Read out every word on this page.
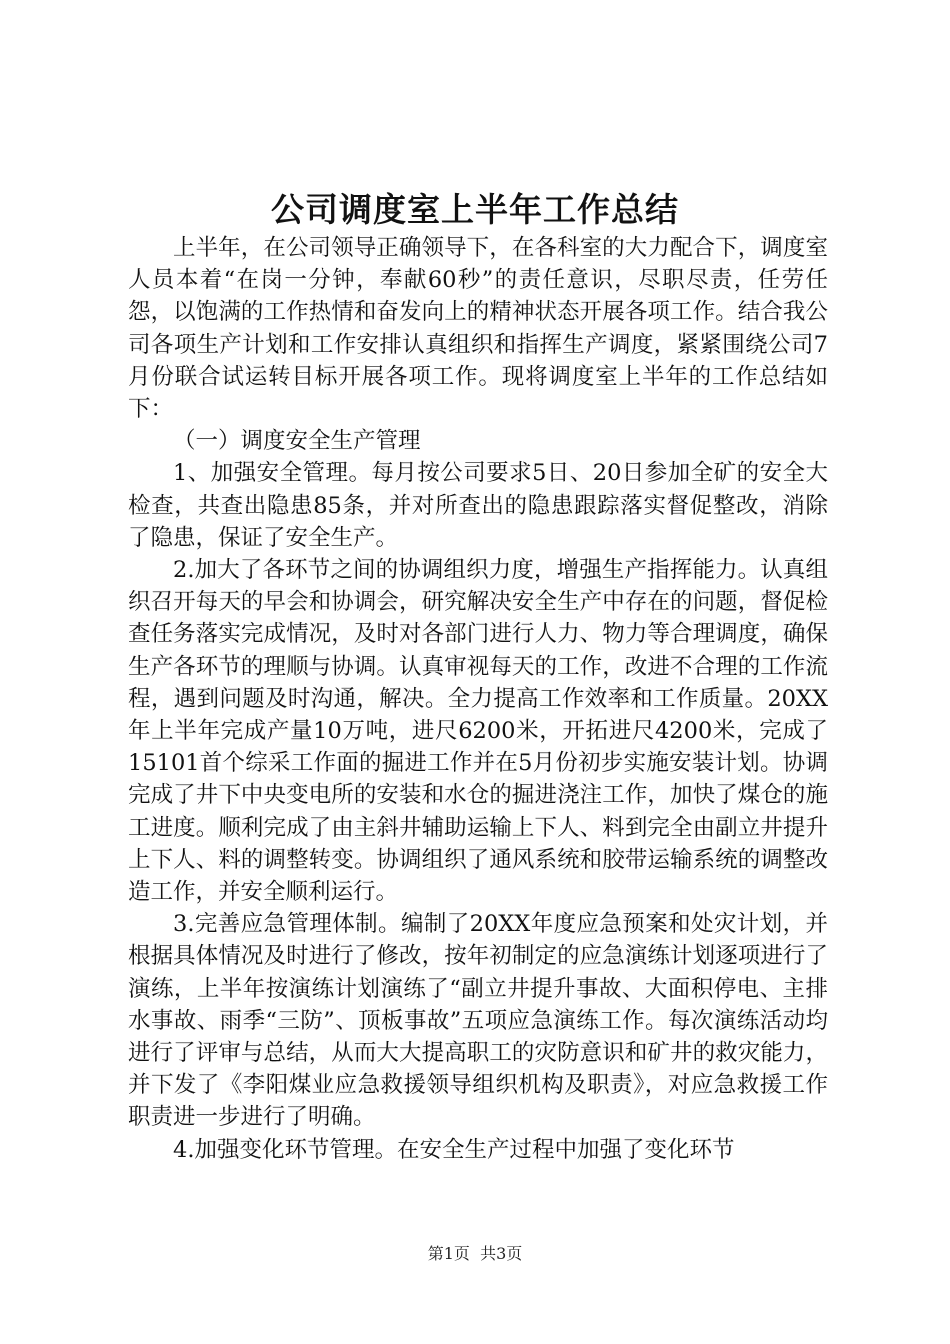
公司调度室上半年工作总结

上半年，在公司领导正确领导下，在各科室的大力配合下，调度室人员本着“在岗一分钟，奉献60秒”的责任意识，尽职尽责，任劳任怨，以饱满的工作热情和奋发向上的精神状态开展各项工作。结合我公司各项生产计划和工作安排认真组织和指挥生产调度，紧紧围绕公司7月份联合试运转目标开展各项工作。现将调度室上半年的工作总结如下：

（一）调度安全生产管理

1、加强安全管理。每月按公司要求5日、20日参加全矿的安全大检查，共查出隐患85条，并对所查出的隐患跟踪落实督促整改，消除了隐患，保证了安全生产。

2.加大了各环节之间的协调组织力度，增强生产指挥能力。认真组织召开每天的早会和协调会，研究解决安全生产中存在的问题，督促检查任务落实完成情况，及时对各部门进行人力、物力等合理调度，确保生产各环节的理顺与协调。认真审视每天的工作，改进不合理的工作流程，遇到问题及时沟通，解决。全力提高工作效率和工作质量。20XX年上半年完成产量10万吨，进尺6200米，开拓进尺4200米，完成了15101首个综采工作面的掘进工作并在5月份初步实施安装计划。协调完成了井下中央变电所的安装和水仓的掘进浇注工作，加快了煤仓的施工进度。顺利完成了由主斜井辅助运输上下人、料到完全由副立井提升上下人、料的调整转变。协调组织了通风系统和胶带运输系统的调整改造工作，并安全顺利运行。

3.完善应急管理体制。编制了20XX年度应急预案和处灾计划，并根据具体情况及时进行了修改，按年初制定的应急演练计划逐项进行了演练，上半年按演练计划演练了“副立井提升事故、大面积停电、主排水事故、雨季“三防”、顶板事故”五项应急演练工作。每次演练活动均进行了评审与总结，从而大大提高职工的灾防意识和矿井的救灾能力，并下发了《李阳煤业应急救援领导组织机构及职责》，对应急救援工作职责进一步进行了明确。

4.加强变化环节管理。在安全生产过程中加强了变化环节

第1页  共3页
